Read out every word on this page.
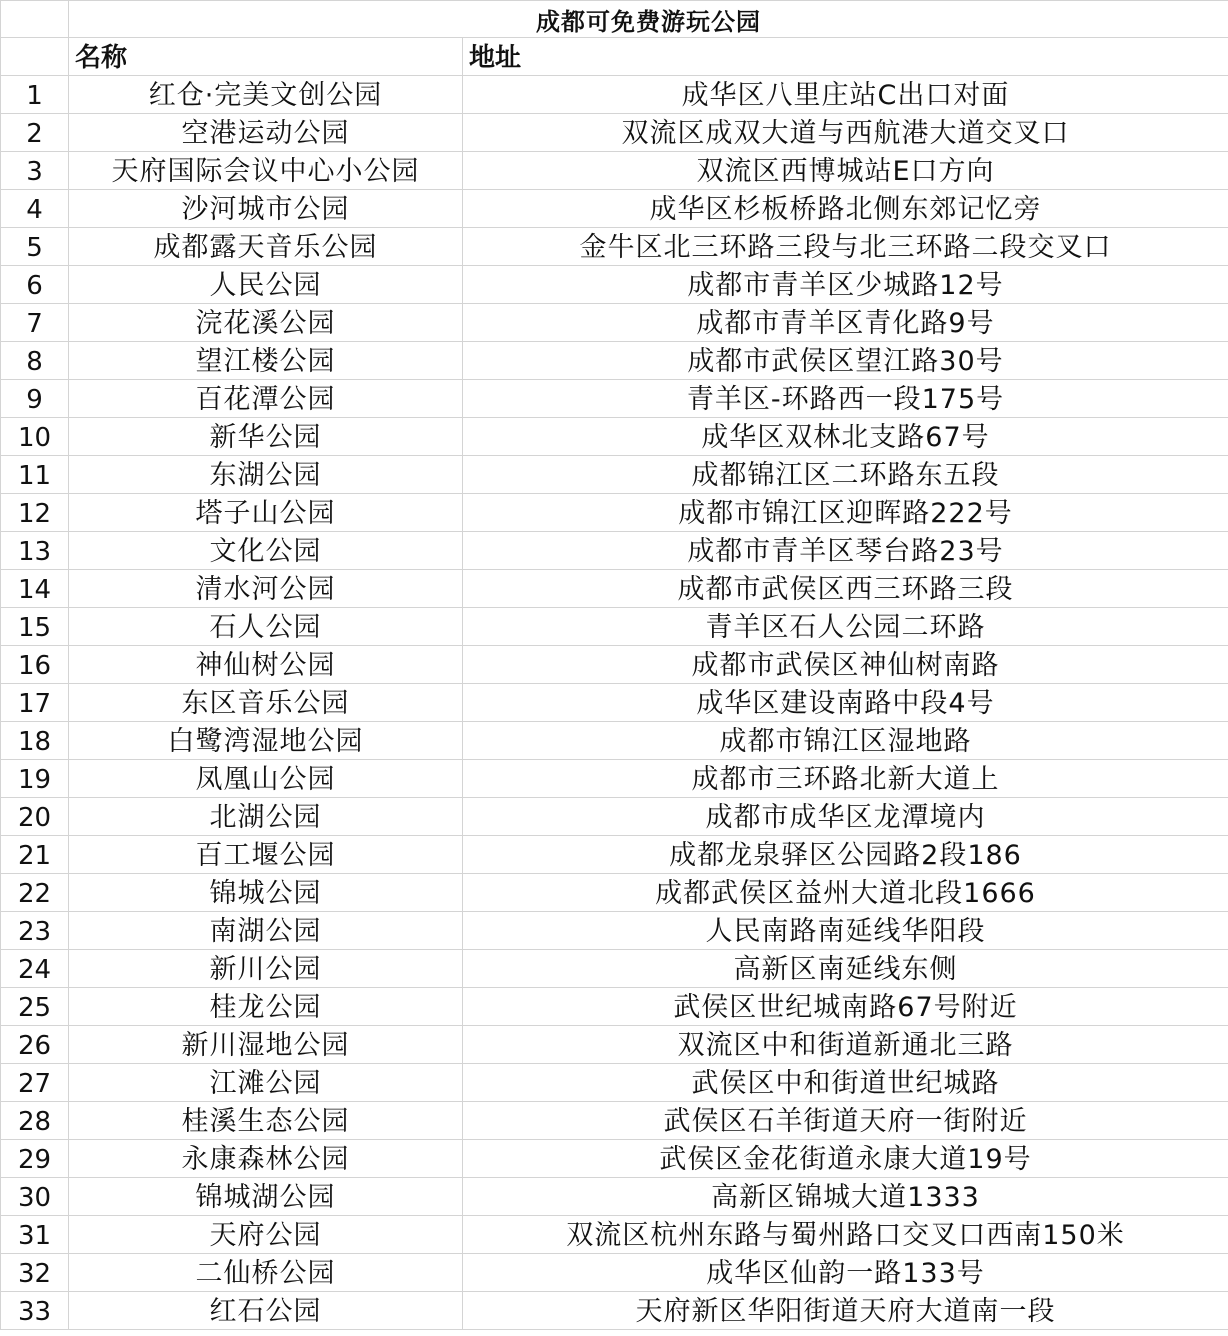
	成都可免费游玩公园	
	名称	地址
1	红仓·完美文创公园	成华区八里庄站C出口对面
2	空港运动公园	双流区成双大道与西航港大道交叉口
3	天府国际会议中心小公园	双流区西博城站E口方向
4	沙河城市公园	成华区杉板桥路北侧东郊记忆旁
5	成都露天音乐公园	金牛区北三环路三段与北三环路二段交叉口
6	人民公园	成都市青羊区少城路12号
7	浣花溪公园	成都市青羊区青化路9号
8	望江楼公园	成都市武侯区望江路30号
9	百花潭公园	青羊区-环路西一段175号
10	新华公园	成华区双林北支路67号
11	东湖公园	成都锦江区二环路东五段
12	塔子山公园	成都市锦江区迎晖路222号
13	文化公园	成都市青羊区琴台路23号
14	清水河公园	成都市武侯区西三环路三段
15	石人公园	青羊区石人公园二环路
16	神仙树公园	成都市武侯区神仙树南路
17	东区音乐公园	成华区建设南路中段4号
18	白鹭湾湿地公园	成都市锦江区湿地路
19	凤凰山公园	成都市三环路北新大道上
20	北湖公园	成都市成华区龙潭境内
21	百工堰公园	成都龙泉驿区公园路2段186
22	锦城公园	成都武侯区益州大道北段1666
23	南湖公园	人民南路南延线华阳段
24	新川公园	高新区南延线东侧
25	桂龙公园	武侯区世纪城南路67号附近
26	新川湿地公园	双流区中和街道新通北三路
27	江滩公园	武侯区中和街道世纪城路
28	桂溪生态公园	武侯区石羊街道天府一街附近
29	永康森林公园	武侯区金花街道永康大道19号
30	锦城湖公园	高新区锦城大道1333
31	天府公园	双流区杭州东路与蜀州路口交叉口西南150米
32	二仙桥公园	成华区仙韵一路133号
33	红石公园	天府新区华阳街道天府大道南一段
